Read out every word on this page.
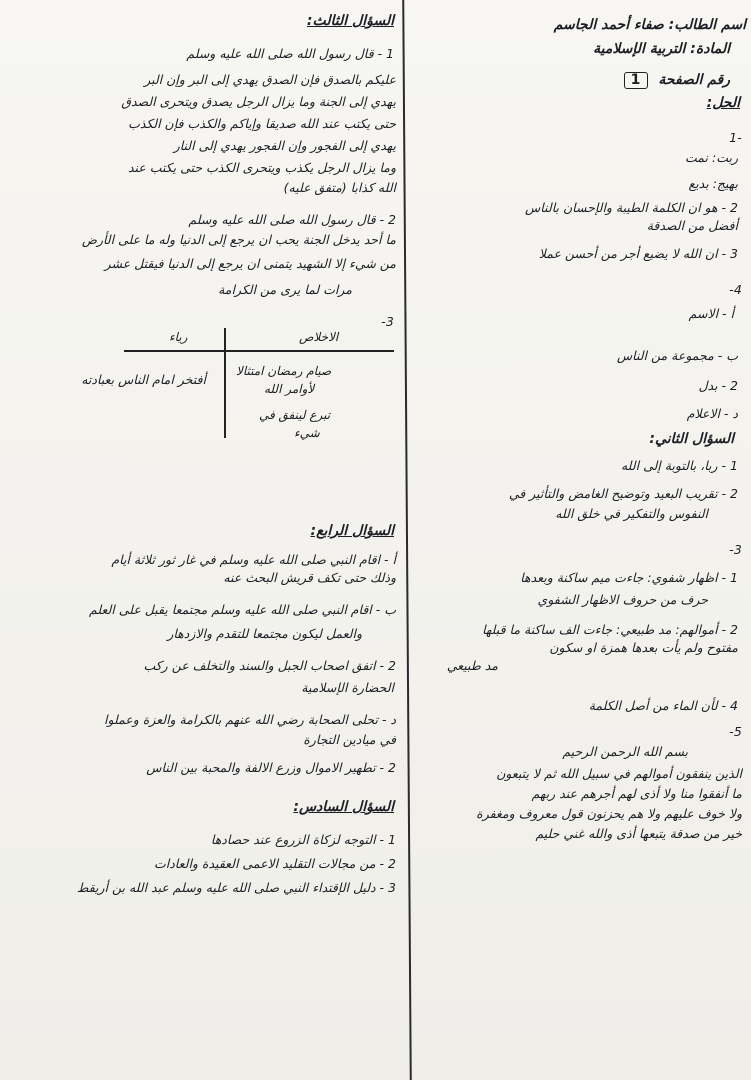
اسم الطالب: صفاء أحمد الجاسم
المادة: التربية الإسلامية
رقم الصفحة 1
الحل:
-1
ربت: نمت
بهيج: بديع
2 - هو ان الكلمة الطيبة والإحسان بالناس
أفضل من الصدقة
3 - ان الله لا يضيع أجر من أحسن عملا
4-
أ - الاسم
ب - مجموعة من الناس
2 - بدل
د - الاعلام
السؤال الثاني:
1 - ربا، بالتوبة إلى الله
2 - تقريب البعيد وتوضيح الغامض والتأثير في
النفوس والتفكير في خلق الله
3-
1 - اظهار شفوي: جاءت ميم ساكنة وبعدها
حرف من حروف الاظهار الشفوي
2 - أموالهم: مد طبيعي: جاءت الف ساكنة ما قبلها
مفتوح ولم يأت بعدها همزة او سكون
مد طبيعي
4 - لأن الماء من أصل الكلمة
5-
بسم الله الرحمن الرحيم
الذين ينفقون أموالهم في سبيل الله ثم لا يتبعون
ما أنفقوا منا ولا أذى لهم أجرهم عند ربهم
ولا خوف عليهم ولا هم يحزنون قول معروف ومغفرة
خير من صدقة يتبعها أذى والله غني حليم
السؤال الثالث:
1 - قال رسول الله صلى الله عليه وسلم
عليكم بالصدق فإن الصدق يهدي إلى البر وإن البر
يهدي إلى الجنة وما يزال الرجل يصدق ويتحرى الصدق
حتى يكتب عند الله صديقا وإياكم والكذب فإن الكذب
يهدي إلى الفجور وإن الفجور يهدي إلى النار
وما يزال الرجل يكذب ويتحرى الكذب حتى يكتب عند
الله كذابا (متفق عليه)
2 - قال رسول الله صلى الله عليه وسلم
ما أحد يدخل الجنة يحب ان يرجع إلى الدنيا وله ما على الأرض
من شيء إلا الشهيد يتمنى ان يرجع إلى الدنيا فيقتل عشر
مرات لما يرى من الكرامة
3-
الاخلاص
رياء
صيام رمضان امتثالا
لأوامر الله
تبرع لينفق في
شيء
أفتخر امام الناس بعبادته
السؤال الرابع:
أ - اقام النبي صلى الله عليه وسلم في غار ثور ثلاثة أيام
وذلك حتى تكف قريش البحث عنه
ب - اقام النبي صلى الله عليه وسلم مجتمعا يقبل على العلم
والعمل ليكون مجتمعا للتقدم والازدهار
2 - اتفق اصحاب الجبل والسند والتخلف عن ركب
الحضارة الإسلامية
د - تحلى الصحابة رضي الله عنهم بالكرامة والعزة وعملوا
في ميادين التجارة
2 - تطهير الاموال وزرع الالفة والمحبة بين الناس
السؤال السادس:
1 - التوجه لزكاة الزروع عند حصادها
2 - من مجالات التقليد الاعمى العقيدة والعادات
3 - دليل الإقتداء النبي صلى الله عليه وسلم عبد الله بن أريقط
